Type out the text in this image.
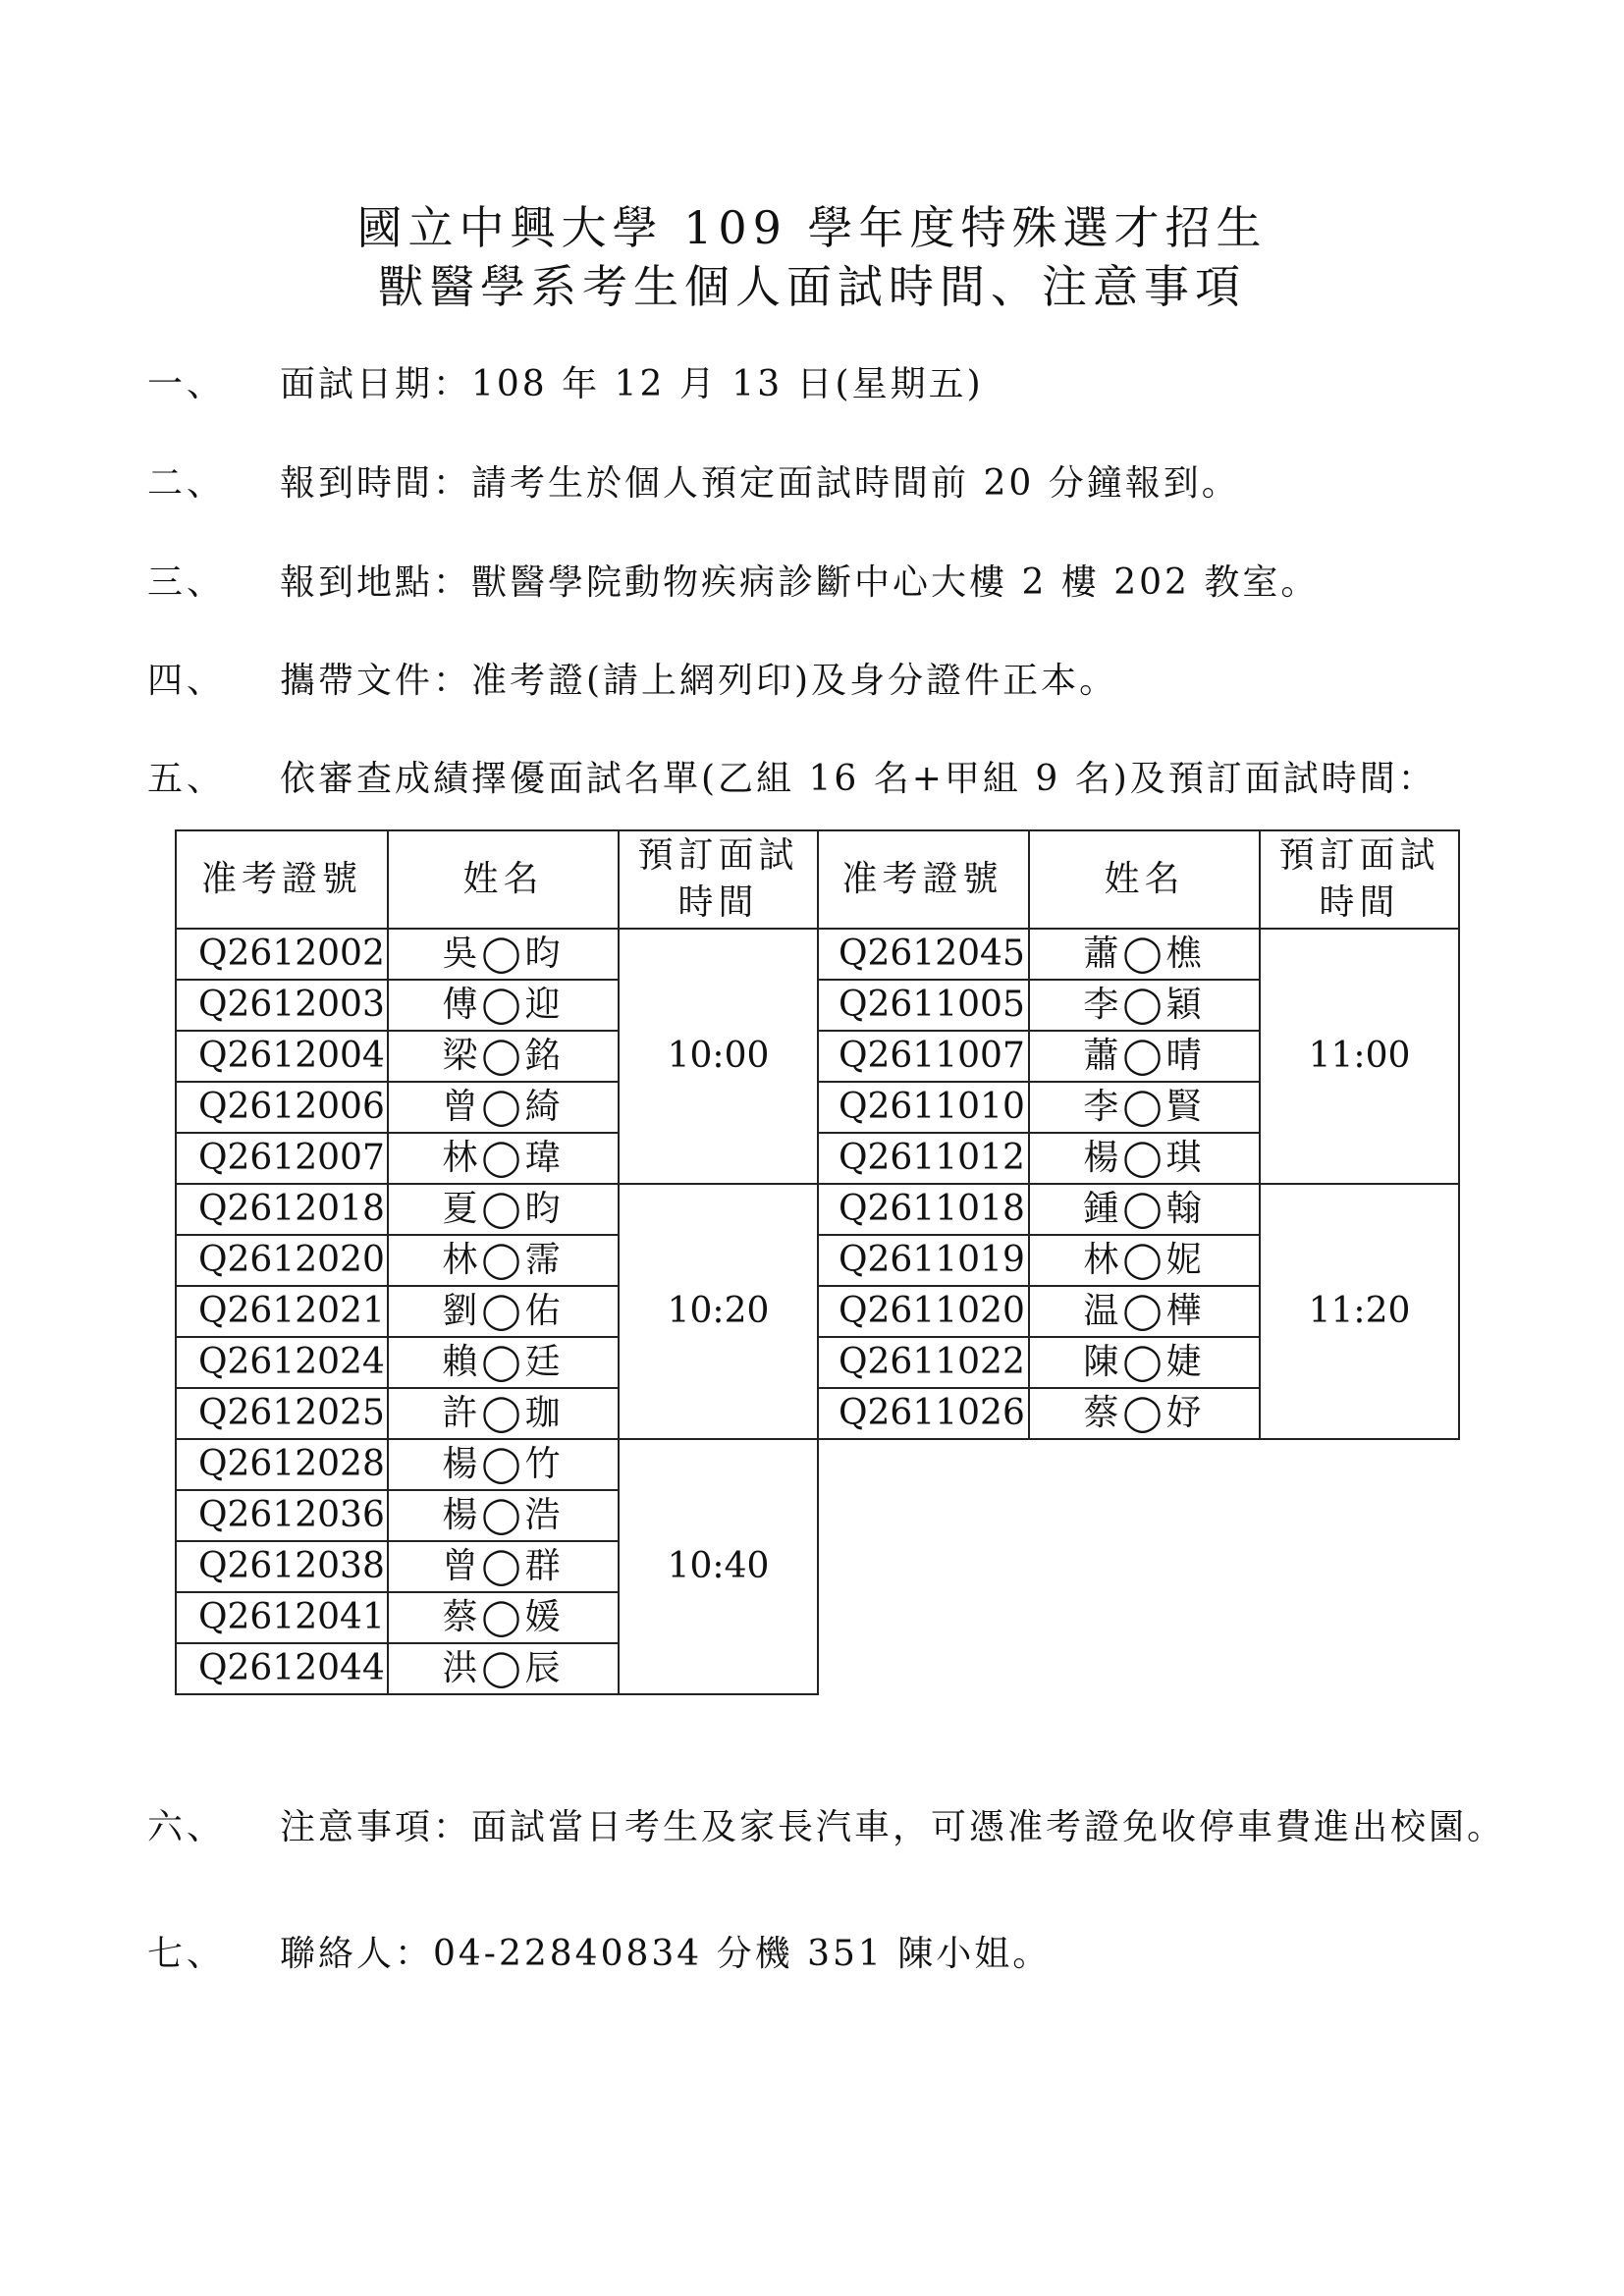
國立中興大學 109 學年度特殊選才招生
獸醫學系考生個人面試時間、注意事項
一、	面試日期：108 年 12 月 13 日(星期五)
二、	報到時間：請考生於個人預定面試時間前 20 分鐘報到。
三、	報到地點：獸醫學院動物疾病診斷中心大樓 2 樓 202 教室。
四、	攜帶文件：准考證(請上網列印)及身分證件正本。
五、	依審查成績擇優面試名單(乙組 16 名+甲組 9 名)及預訂面試時間：
准考證號	姓名	預訂面試
時間
Q2612002	吳◯昀	10:00
Q2612003	傅◯迎	
Q2612004	梁◯銘	
Q2612006	曾◯綺	
Q2612007	林◯瑋	
Q2612018	夏◯昀	10:20
Q2612020	林◯霈	
Q2612021	劉◯佑	
Q2612024	賴◯廷	
Q2612025	許◯珈	
Q2612028	楊◯竹	10:40
Q2612036	楊◯浩	
Q2612038	曾◯群	
Q2612041	蔡◯媛	
Q2612044	洪◯辰	
准考證號	姓名	預訂面試
時間
Q2612045	蕭◯樵	11:00
Q2611005	李◯穎	
Q2611007	蕭◯晴	
Q2611010	李◯賢	
Q2611012	楊◯琪	
Q2611018	鍾◯翰	11:20
Q2611019	林◯妮	
Q2611020	温◯樺	
Q2611022	陳◯婕	
Q2611026	蔡◯妤	
六、	注意事項：面試當日考生及家長汽車，可憑准考證免收停車費進出校園。
七、	聯絡人：04-22840834 分機 351 陳小姐。
